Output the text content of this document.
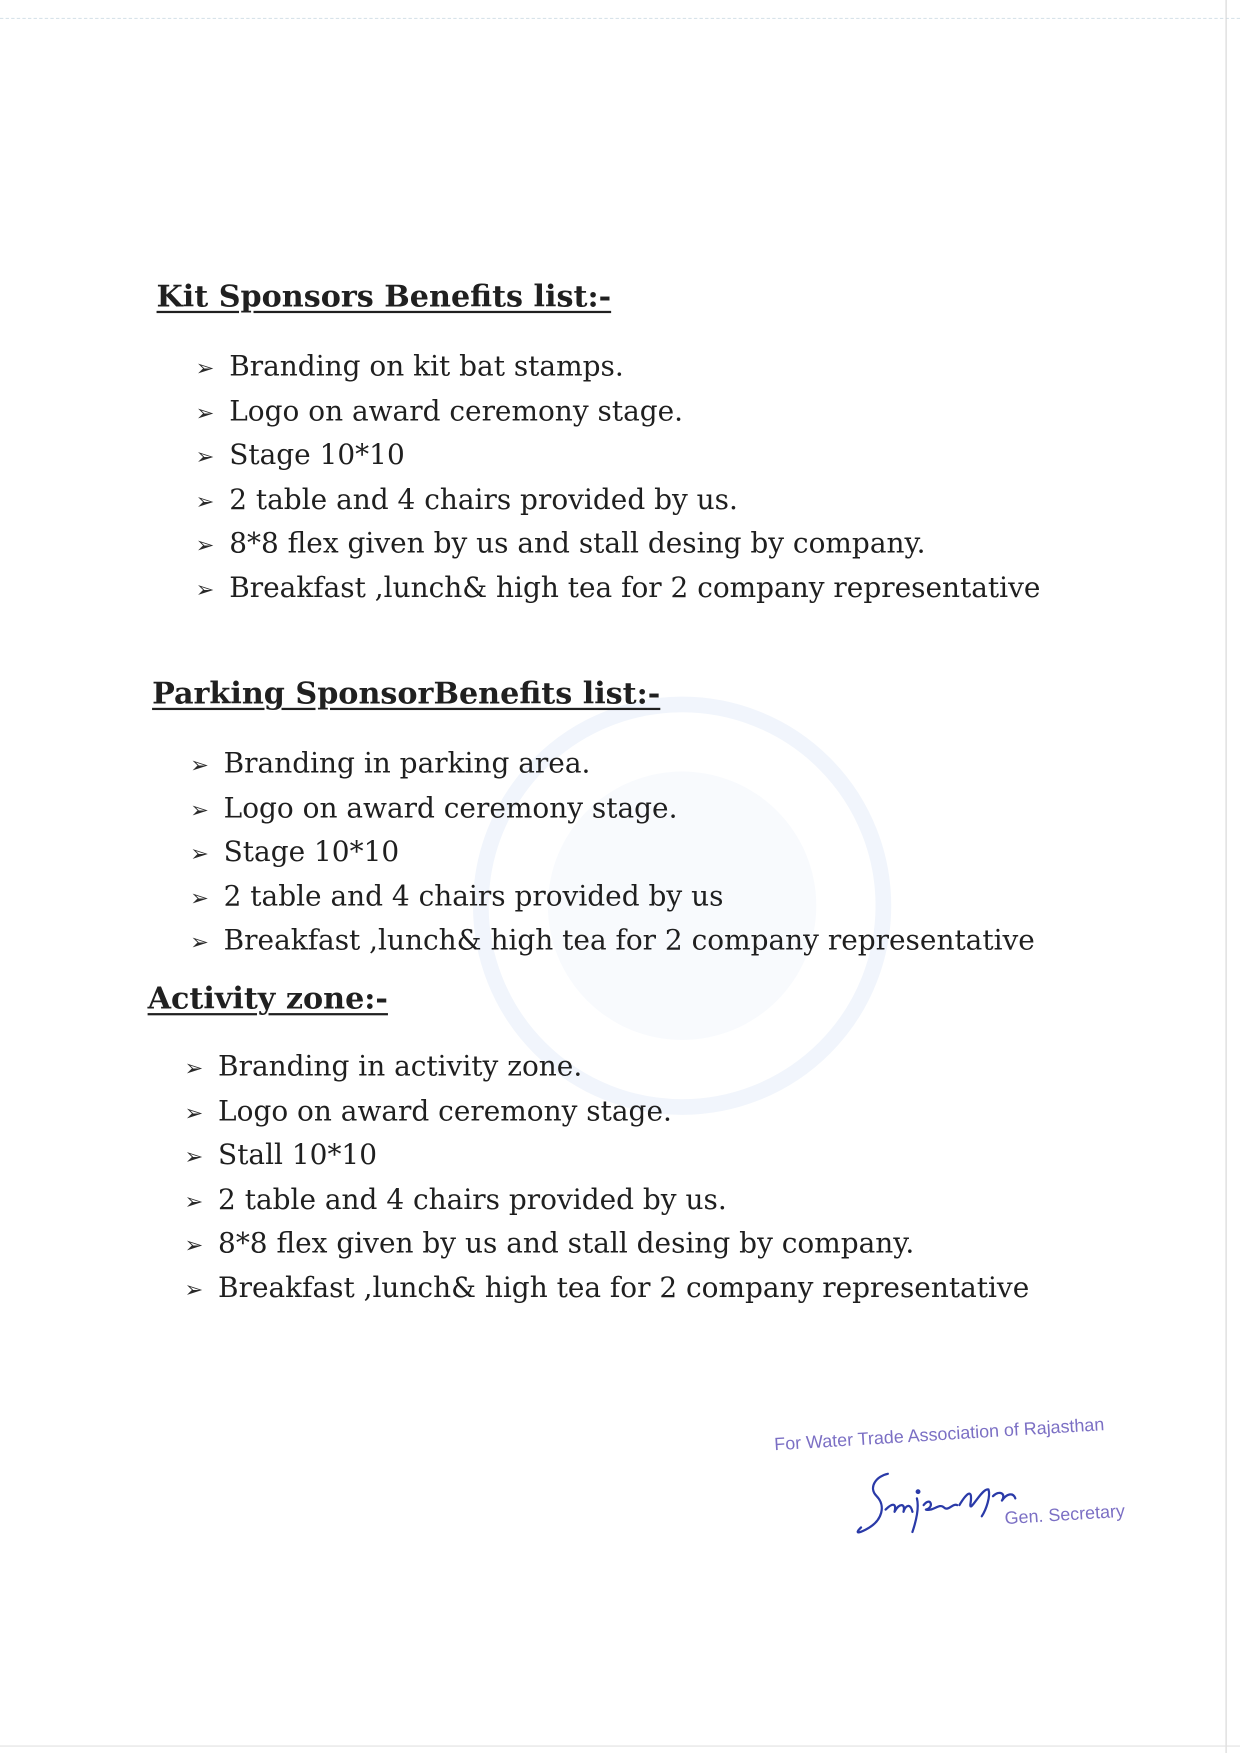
Kit Sponsors Benefits list:-
➢ Branding on kit bat stamps.
➢ Logo on award ceremony stage.
➢ Stage 10*10
➢ 2 table and 4 chairs provided by us.
➢ 8*8 flex given by us and stall desing by company.
➢ Breakfast ,lunch& high tea for 2 company representative
Parking SponsorBenefits list:-
➢ Branding in parking area.
➢ Logo on award ceremony stage.
➢ Stage 10*10
➢ 2 table and 4 chairs provided by us
➢ Breakfast ,lunch& high tea for 2 company representative
Activity zone:-
➢ Branding in activity zone.
➢ Logo on award ceremony stage.
➢ Stall 10*10
➢ 2 table and 4 chairs provided by us.
➢ 8*8 flex given by us and stall desing by company.
➢ Breakfast ,lunch& high tea for 2 company representative

For Water Trade Association of Rajasthan

Gen. Secretary
